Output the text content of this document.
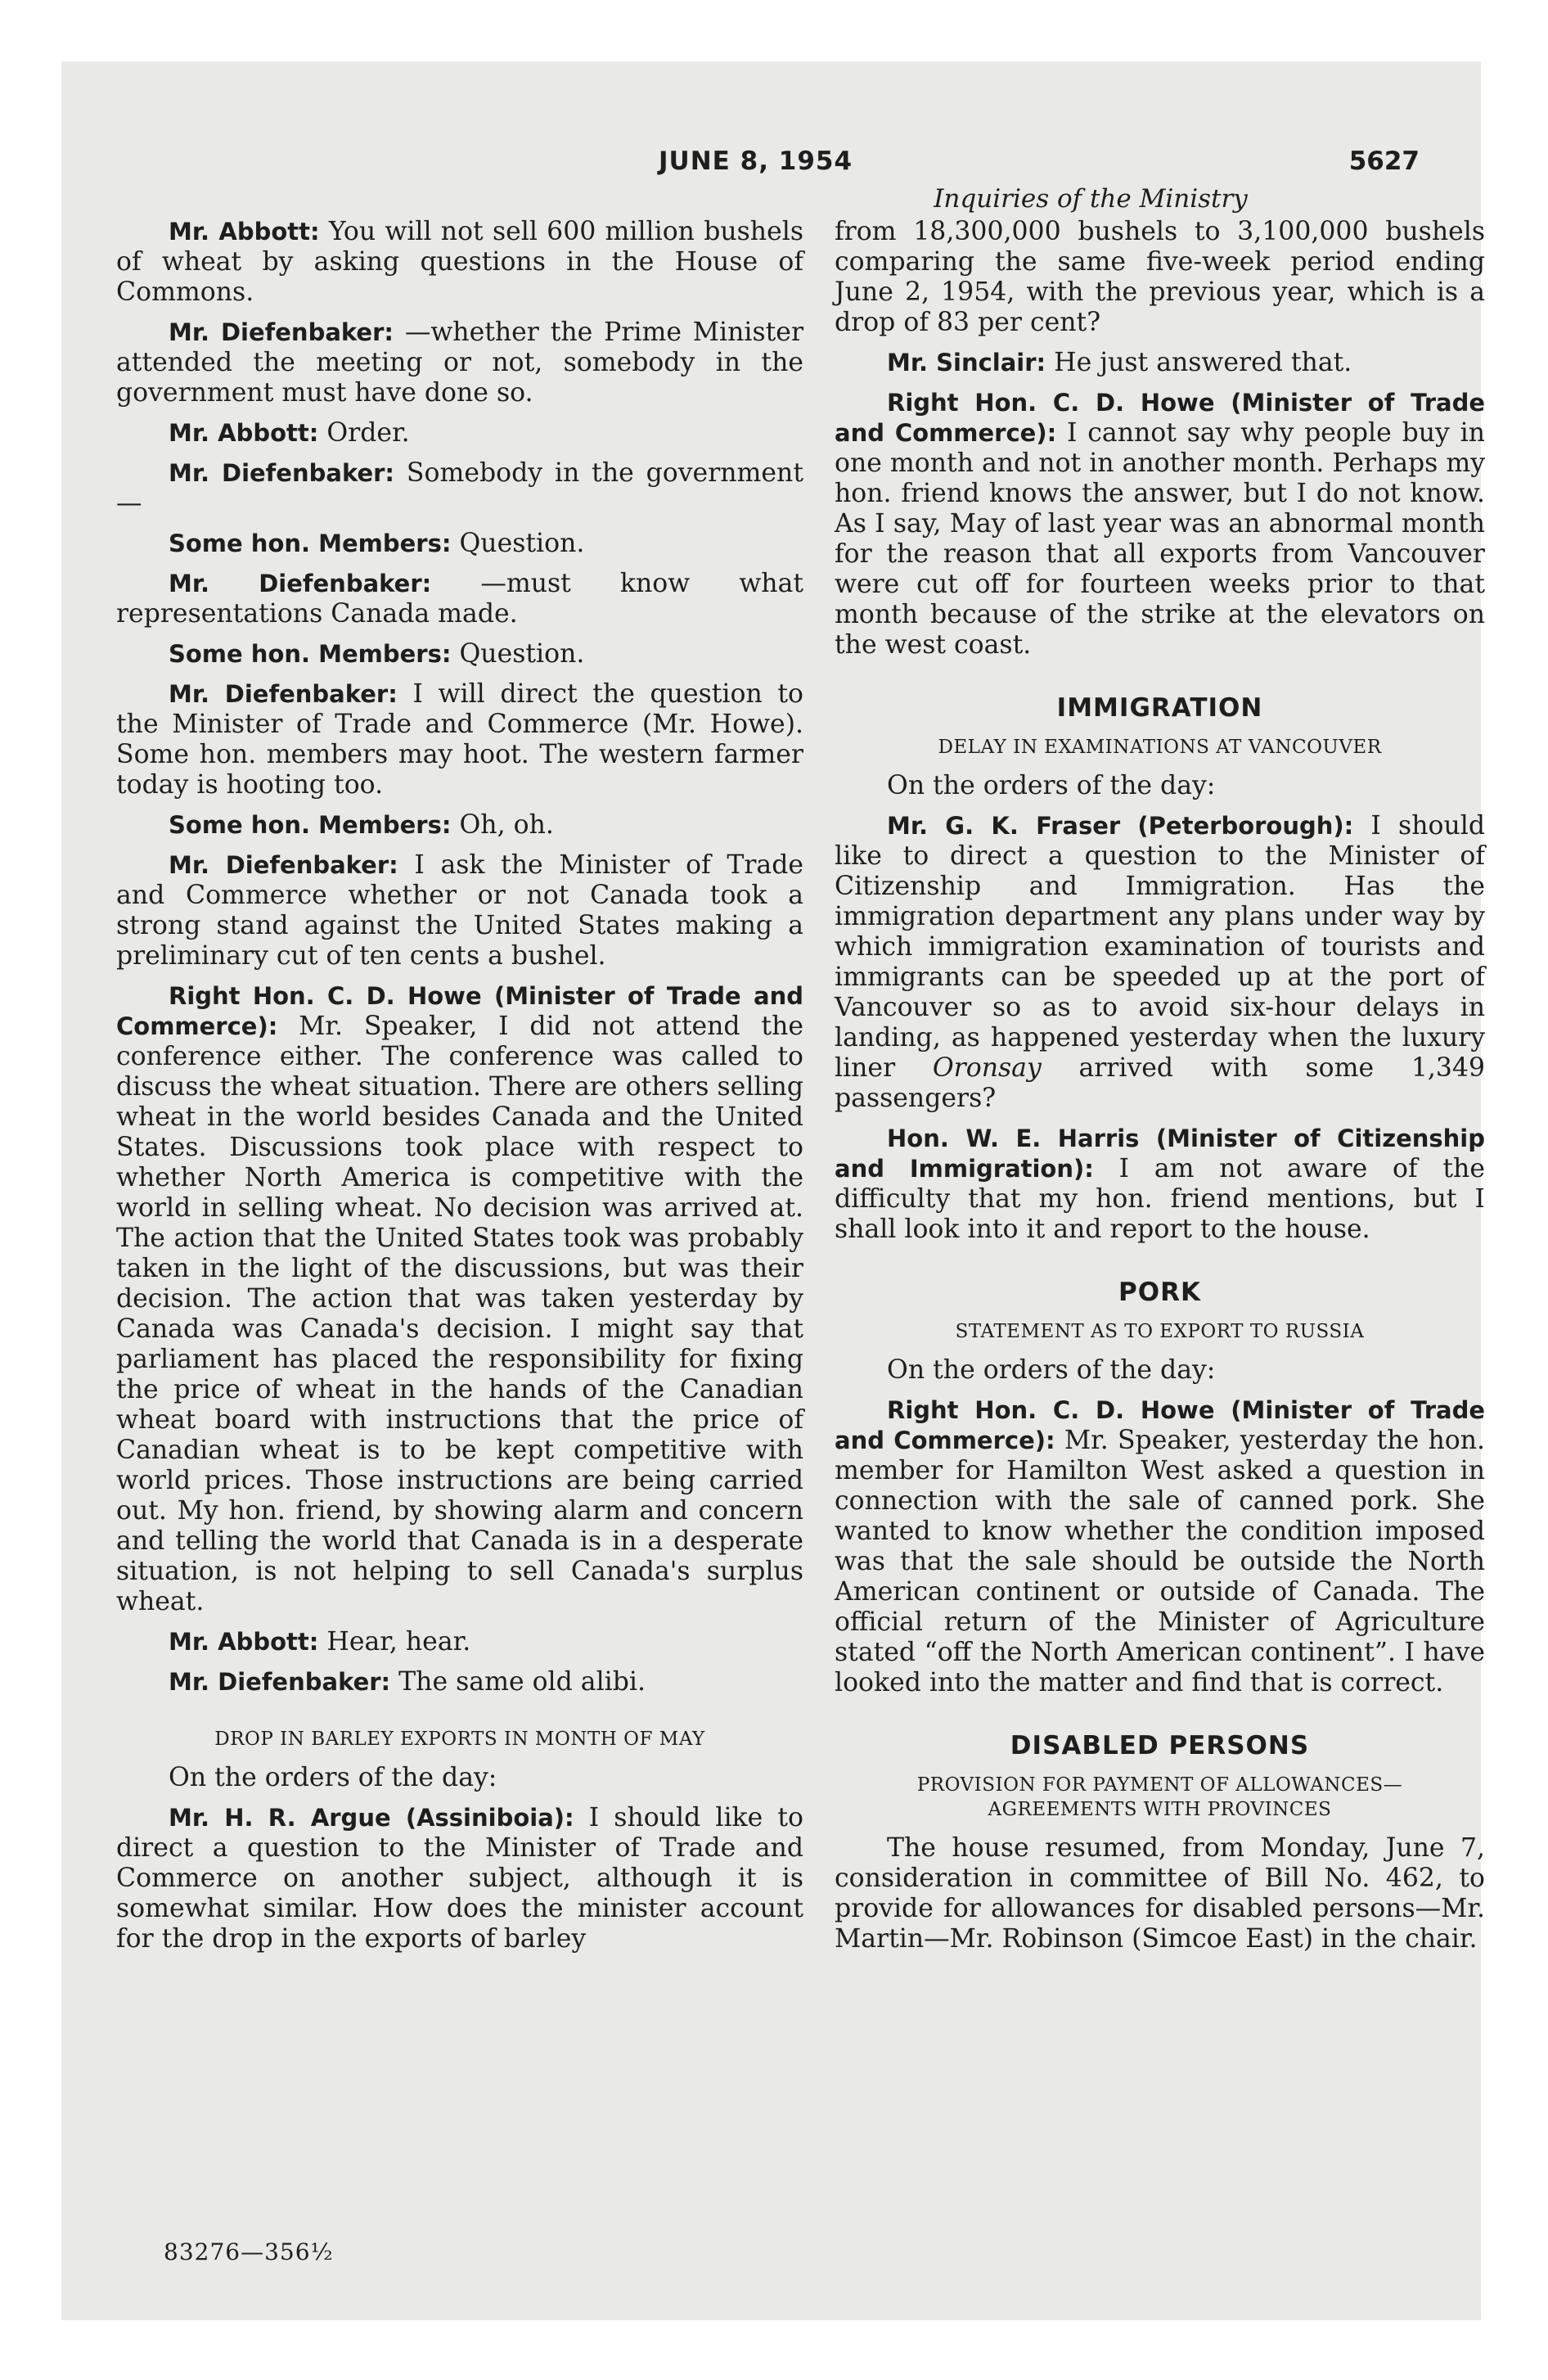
JUNE 8, 1954	5627
Inquiries of the Ministry

Mr. Abbott: You will not sell 600 million bushels of wheat by asking questions in the House of Commons.

Mr. Diefenbaker: —whether the Prime Minister attended the meeting or not, somebody in the government must have done so.

Mr. Abbott: Order.

Mr. Diefenbaker: Somebody in the government—

Some hon. Members: Question.

Mr. Diefenbaker: —must know what representations Canada made.

Some hon. Members: Question.

Mr. Diefenbaker: I will direct the question to the Minister of Trade and Commerce (Mr. Howe). Some hon. members may hoot. The western farmer today is hooting too.

Some hon. Members: Oh, oh.

Mr. Diefenbaker: I ask the Minister of Trade and Commerce whether or not Canada took a strong stand against the United States making a preliminary cut of ten cents a bushel.

Right Hon. C. D. Howe (Minister of Trade and Commerce): Mr. Speaker, I did not attend the conference either. The conference was called to discuss the wheat situation. There are others selling wheat in the world besides Canada and the United States. Discussions took place with respect to whether North America is competitive with the world in selling wheat. No decision was arrived at. The action that the United States took was probably taken in the light of the discussions, but was their decision. The action that was taken yesterday by Canada was Canada's decision. I might say that parliament has placed the responsibility for fixing the price of wheat in the hands of the Canadian wheat board with instructions that the price of Canadian wheat is to be kept competitive with world prices. Those instructions are being carried out. My hon. friend, by showing alarm and concern and telling the world that Canada is in a desperate situation, is not helping to sell Canada's surplus wheat.

Mr. Abbott: Hear, hear.

Mr. Diefenbaker: The same old alibi.

DROP IN BARLEY EXPORTS IN MONTH OF MAY

On the orders of the day:

Mr. H. R. Argue (Assiniboia): I should like to direct a question to the Minister of Trade and Commerce on another subject, although it is somewhat similar. How does the minister account for the drop in the exports of barley

from 18,300,000 bushels to 3,100,000 bushels comparing the same five-week period ending June 2, 1954, with the previous year, which is a drop of 83 per cent?

Mr. Sinclair: He just answered that.

Right Hon. C. D. Howe (Minister of Trade and Commerce): I cannot say why people buy in one month and not in another month. Perhaps my hon. friend knows the answer, but I do not know. As I say, May of last year was an abnormal month for the reason that all exports from Vancouver were cut off for fourteen weeks prior to that month because of the strike at the elevators on the west coast.

IMMIGRATION
DELAY IN EXAMINATIONS AT VANCOUVER

On the orders of the day:

Mr. G. K. Fraser (Peterborough): I should like to direct a question to the Minister of Citizenship and Immigration. Has the immigration department any plans under way by which immigration examination of tourists and immigrants can be speeded up at the port of Vancouver so as to avoid six-hour delays in landing, as happened yesterday when the luxury liner Oronsay arrived with some 1,349 passengers?

Hon. W. E. Harris (Minister of Citizenship and Immigration): I am not aware of the difficulty that my hon. friend mentions, but I shall look into it and report to the house.

PORK
STATEMENT AS TO EXPORT TO RUSSIA

On the orders of the day:

Right Hon. C. D. Howe (Minister of Trade and Commerce): Mr. Speaker, yesterday the hon. member for Hamilton West asked a question in connection with the sale of canned pork. She wanted to know whether the condition imposed was that the sale should be outside the North American continent or outside of Canada. The official return of the Minister of Agriculture stated “off the North American continent”. I have looked into the matter and find that is correct.

DISABLED PERSONS
PROVISION FOR PAYMENT OF ALLOWANCES—
AGREEMENTS WITH PROVINCES

The house resumed, from Monday, June 7, consideration in committee of Bill No. 462, to provide for allowances for disabled persons—Mr. Martin—Mr. Robinson (Simcoe East) in the chair.

83276—356½
